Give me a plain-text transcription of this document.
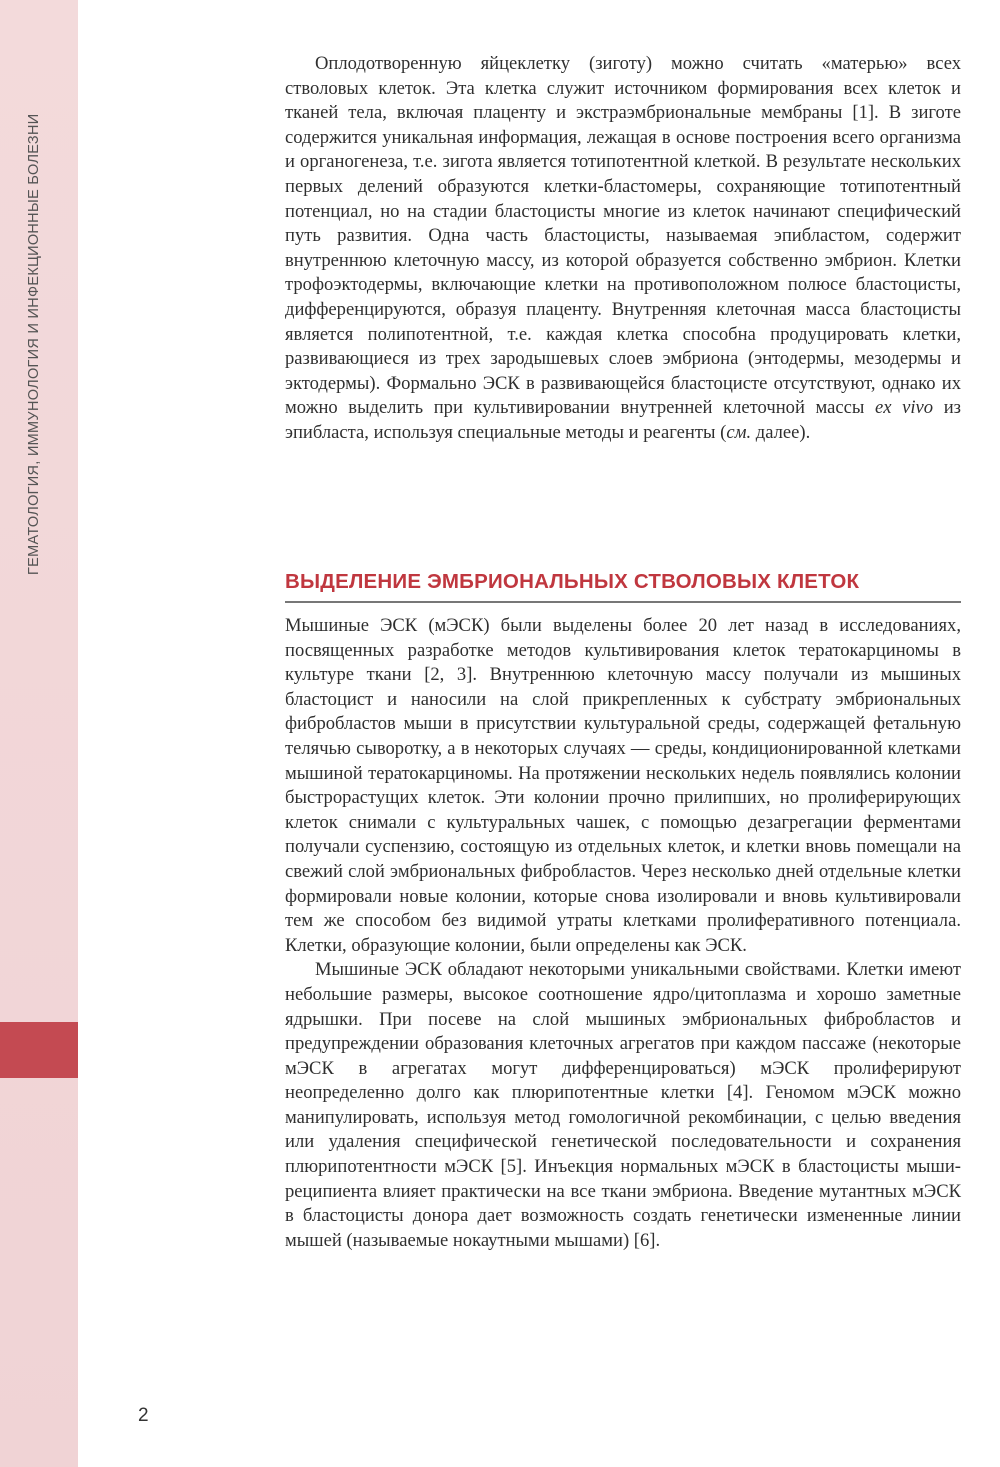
ГЕМАТОЛОГИЯ, ИММУНОЛОГИЯ И ИНФЕКЦИОННЫЕ БОЛЕЗНИ

Оплодотворенную яйцеклетку (зиготу) можно считать «матерью» всех стволовых клеток. Эта клетка служит источником формирования всех клеток и тканей тела, включая плаценту и экстраэмбриональные мембраны [1]. В зиготе содержится уникальная информация, лежащая в основе построения всего организма и органогенеза, т.е. зигота является тотипотентной клеткой. В результате нескольких первых делений образуются клетки-бластомеры, сохраняющие тотипотентный потенциал, но на стадии бластоцисты многие из клеток начинают специфический путь развития. Одна часть бластоцисты, называемая эпибластом, содержит внутреннюю клеточную массу, из которой образуется собственно эмбрион. Клетки трофоэктодермы, включающие клетки на противоположном полюсе бластоцисты, дифференцируются, образуя плаценту. Внутренняя клеточная масса бластоцисты является полипотентной, т.е. каждая клетка способна продуцировать клетки, развивающиеся из трех зародышевых слоев эмбриона (энтодермы, мезодермы и эктодермы). Формально ЭСК в развивающейся бластоцисте отсутствуют, однако их можно выделить при культивировании внутренней клеточной массы ex vivo из эпибласта, используя специальные методы и реагенты (см. далее).

ВЫДЕЛЕНИЕ ЭМБРИОНАЛЬНЫХ СТВОЛОВЫХ КЛЕТОК

Мышиные ЭСК (мЭСК) были выделены более 20 лет назад в исследованиях, посвященных разработке методов культивирования клеток тератокарциномы в культуре ткани [2, 3]. Внутреннюю клеточную массу получали из мышиных бластоцист и наносили на слой прикрепленных к субстрату эмбриональных фибробластов мыши в присутствии культуральной среды, содержащей фетальную телячью сыворотку, а в некоторых случаях — среды, кондиционированной клетками мышиной тератокарциномы. На протяжении нескольких недель появлялись колонии быстрорастущих клеток. Эти колонии прочно прилипших, но пролиферирующих клеток снимали с культуральных чашек, с помощью дезагрегации ферментами получали суспензию, состоящую из отдельных клеток, и клетки вновь помещали на свежий слой эмбриональных фибробластов. Через несколько дней отдельные клетки формировали новые колонии, которые снова изолировали и вновь культивировали тем же способом без видимой утраты клетками пролиферативного потенциала. Клетки, образующие колонии, были определены как ЭСК.

Мышиные ЭСК обладают некоторыми уникальными свойствами. Клетки имеют небольшие размеры, высокое соотношение ядро/цитоплазма и хорошо заметные ядрышки. При посеве на слой мышиных эмбриональных фибробластов и предупреждении образования клеточных агрегатов при каждом пассаже (некоторые мЭСК в агрегатах могут дифференцироваться) мЭСК пролиферируют неопределенно долго как плюрипотентные клетки [4]. Геномом мЭСК можно манипулировать, используя метод гомологичной рекомбинации, с целью введения или удаления специфической генетической последовательности и сохранения плюрипотентности мЭСК [5]. Инъекция нормальных мЭСК в бластоцисты мыши-реципиента влияет практически на все ткани эмбриона. Введение мутантных мЭСК в бластоцисты донора дает возможность создать генетически измененные линии мышей (называемые нокаутными мышами) [6].

2
